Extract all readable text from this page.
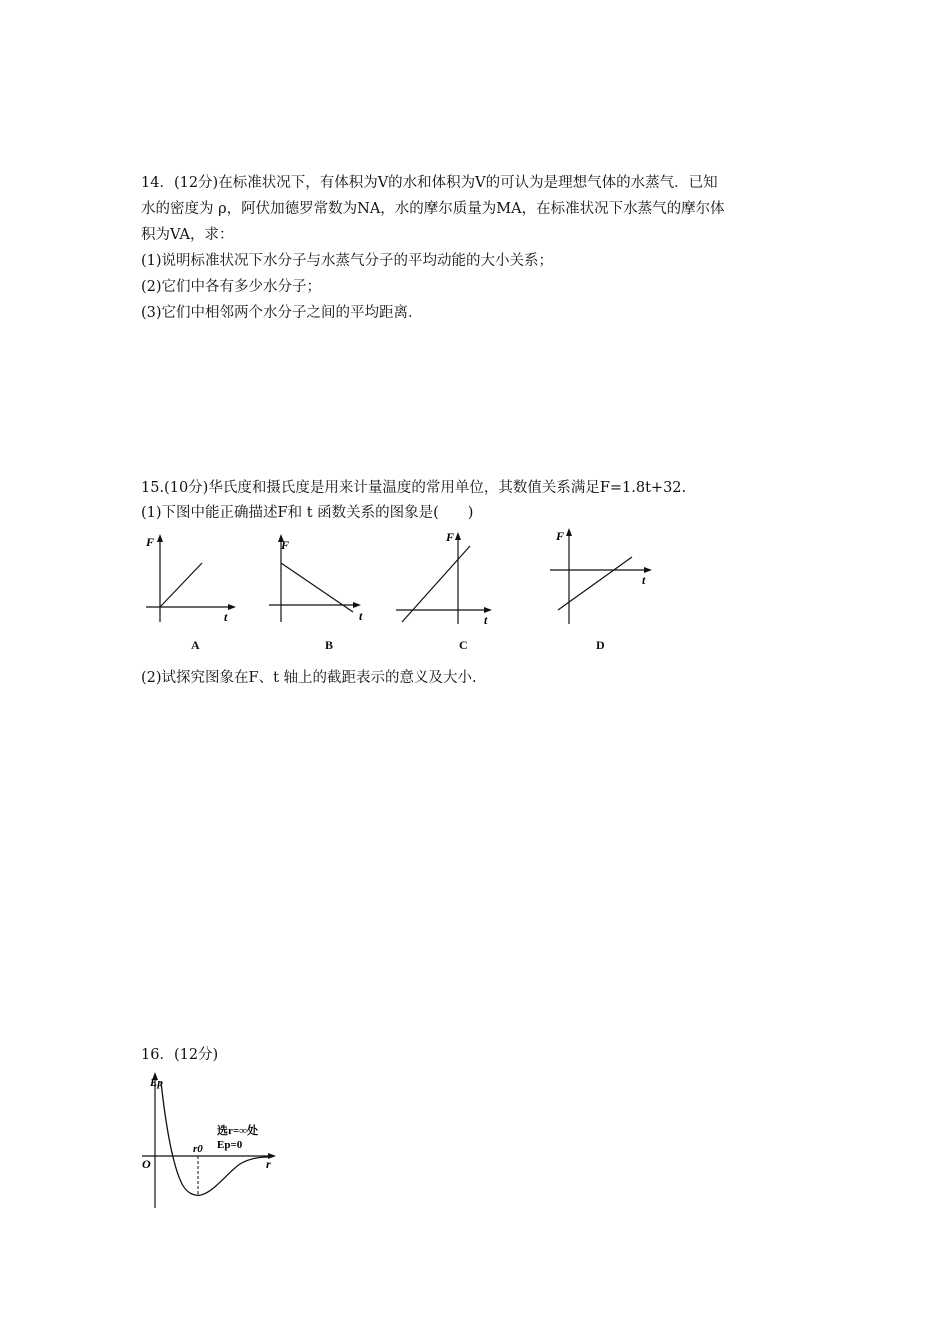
14．(12分)在标准状况下，有体积为V的水和体积为V的可认为是理想气体的水蒸气．已知
水的密度为 ρ，阿伏加德罗常数为NA，水的摩尔质量为MA，在标准状况下水蒸气的摩尔体
积为VA，求：
(1)说明标准状况下水分子与水蒸气分子的平均动能的大小关系；
(2)它们中各有多少水分子；
(3)它们中相邻两个水分子之间的平均距离．
15.(10分)华氏度和摄氏度是用来计量温度的常用单位，其数值关系满足F=1.8t+32.
(1)下图中能正确描述F和 t 函数关系的图象是(　　)
F
t
F
t
F
t
F
t
A	B	C	D
(2)试探究图象在F、t 轴上的截距表示的意义及大小.
16．(12分)
Ep
r
O
r0
选r=∞处
Ep=0
